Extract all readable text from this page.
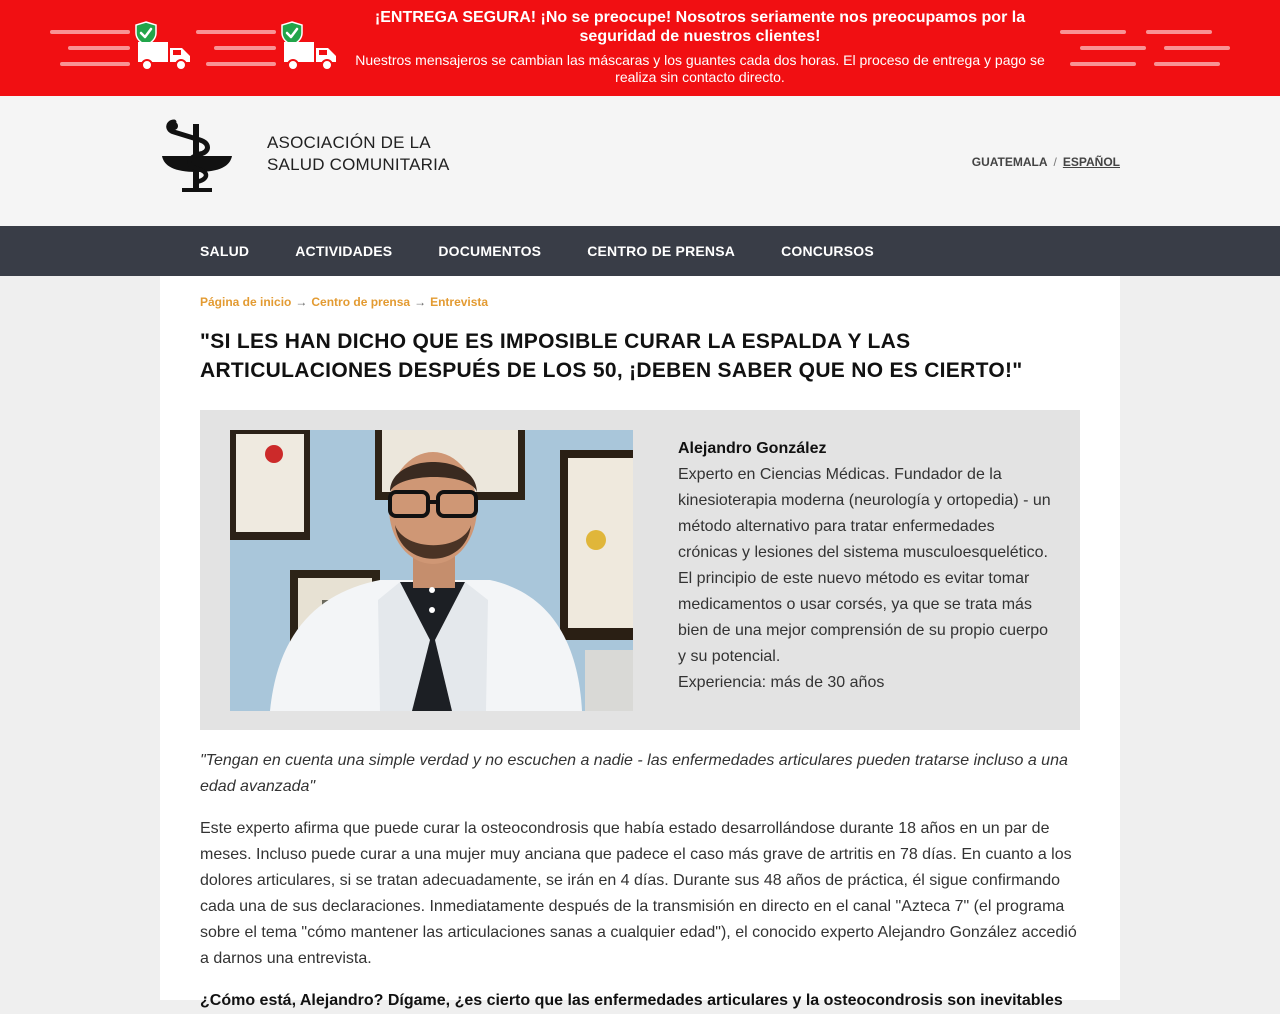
¡ENTREGA SEGURA! ¡No se preocupe! Nosotros seriamente nos preocupamos por la seguridad de nuestros clientes!
Nuestros mensajeros se cambian las máscaras y los guantes cada dos horas. El proceso de entrega y pago se realiza sin contacto directo.
ASOCIACIÓN DE LA
SALUD COMUNITARIA	GUATEMALA / ESPAÑOL
SALUD	ACTIVIDADES	DOCUMENTOS	CENTRO DE PRENSA	CONCURSOS
Página de inicio → Centro de prensa → Entrevista
"SI LES HAN DICHO QUE ES IMPOSIBLE CURAR LA ESPALDA Y LAS ARTICULACIONES DESPUÉS DE LOS 50, ¡DEBEN SABER QUE NO ES CIERTO!"
Alejandro González
Experto en Ciencias Médicas. Fundador de la kinesioterapia moderna (neurología y ortopedia) - un método alternativo para tratar enfermedades crónicas y lesiones del sistema musculoesquelético. El principio de este nuevo método es evitar tomar medicamentos o usar corsés, ya que se trata más bien de una mejor comprensión de su propio cuerpo y su potencial.
Experiencia: más de 30 años

"Tengan en cuenta una simple verdad y no escuchen a nadie - las enfermedades articulares pueden tratarse incluso a una edad avanzada"

Este experto afirma que puede curar la osteocondrosis que había estado desarrollándose durante 18 años en un par de meses. Incluso puede curar a una mujer muy anciana que padece el caso más grave de artritis en 78 días. En cuanto a los dolores articulares, si se tratan adecuadamente, se irán en 4 días. Durante sus 48 años de práctica, él sigue confirmando cada una de sus declaraciones. Inmediatamente después de la transmisión en directo en el canal "Azteca 7" (el programa sobre el tema "cómo mantener las articulaciones sanas a cualquier edad"), el conocido experto Alejandro González accedió a darnos una entrevista.

¿Cómo está, Alejandro? Dígame, ¿es cierto que las enfermedades articulares y la osteocondrosis son inevitables
